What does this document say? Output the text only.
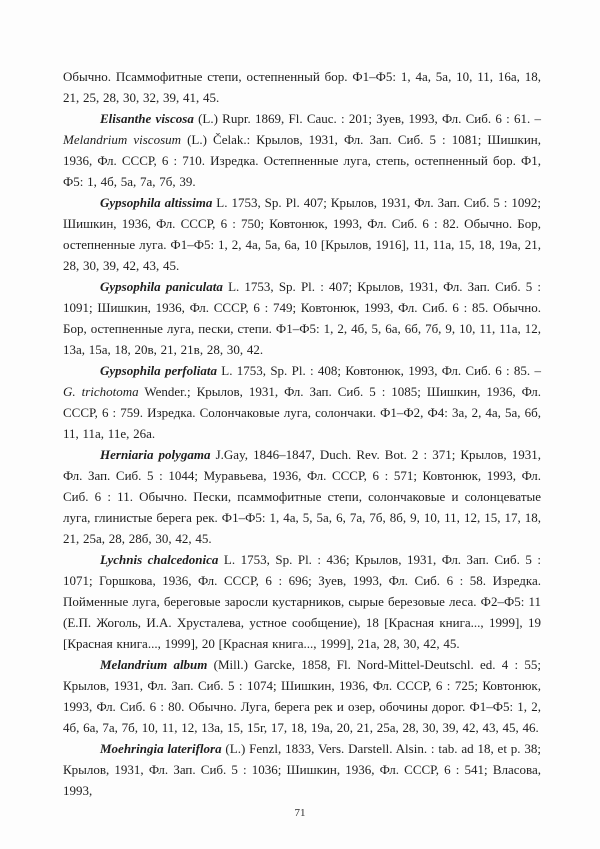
Обычно. Псаммофитные степи, остепненный бор. Ф1–Ф5: 1, 4а, 5а, 10, 11, 16а, 18, 21, 25, 28, 30, 32, 39, 41, 45.

Elisanthe viscosa (L.) Rupr. 1869, Fl. Cauc. : 201; Зуев, 1993, Фл. Сиб. 6 : 61. – Melandrium viscosum (L.) Čelak.: Крылов, 1931, Фл. Зап. Сиб. 5 : 1081; Шишкин, 1936, Фл. СССР, 6 : 710. Изредка. Остепненные луга, степь, остепненный бор. Ф1, Ф5: 1, 4б, 5а, 7а, 7б, 39.

Gypsophila altissima L. 1753, Sp. Pl. 407; Крылов, 1931, Фл. Зап. Сиб. 5 : 1092; Шишкин, 1936, Фл. СССР, 6 : 750; Ковтонюк, 1993, Фл. Сиб. 6 : 82. Обычно. Бор, остепненные луга. Ф1–Ф5: 1, 2, 4а, 5а, 6а, 10 [Крылов, 1916], 11, 11а, 15, 18, 19а, 21, 28, 30, 39, 42, 43, 45.

Gypsophila paniculata L. 1753, Sp. Pl. : 407; Крылов, 1931, Фл. Зап. Сиб. 5 : 1091; Шишкин, 1936, Фл. СССР, 6 : 749; Ковтонюк, 1993, Фл. Сиб. 6 : 85. Обычно. Бор, остепненные луга, пески, степи. Ф1–Ф5: 1, 2, 4б, 5, 6а, 6б, 7б, 9, 10, 11, 11а, 12, 13а, 15а, 18, 20в, 21, 21в, 28, 30, 42.

Gypsophila perfoliata L. 1753, Sp. Pl. : 408; Ковтонюк, 1993, Фл. Сиб. 6 : 85. – G. trichotoma Wender.; Крылов, 1931, Фл. Зап. Сиб. 5 : 1085; Шишкин, 1936, Фл. СССР, 6 : 759. Изредка. Солончаковые луга, солончаки. Ф1–Ф2, Ф4: 3а, 2, 4а, 5а, 6б, 11, 11а, 11е, 26а.

Herniaria polygama J.Gay, 1846–1847, Duch. Rev. Bot. 2 : 371; Крылов, 1931, Фл. Зап. Сиб. 5 : 1044; Муравьева, 1936, Фл. СССР, 6 : 571; Ковтонюк, 1993, Фл. Сиб. 6 : 11. Обычно. Пески, псаммофитные степи, солончаковые и солонцеватые луга, глинистые берега рек. Ф1–Ф5: 1, 4а, 5, 5а, 6, 7а, 7б, 8б, 9, 10, 11, 12, 15, 17, 18, 21, 25а, 28, 28б, 30, 42, 45.

Lychnis chalcedonica L. 1753, Sp. Pl. : 436; Крылов, 1931, Фл. Зап. Сиб. 5 : 1071; Горшкова, 1936, Фл. СССР, 6 : 696; Зуев, 1993, Фл. Сиб. 6 : 58. Изредка. Пойменные луга, береговые заросли кустарников, сырые березовые леса. Ф2–Ф5: 11 (Е.П. Жоголь, И.А. Хрусталева, устное сообщение), 18 [Красная книга..., 1999], 19 [Красная книга..., 1999], 20 [Красная книга..., 1999], 21а, 28, 30, 42, 45.

Melandrium album (Mill.) Garcke, 1858, Fl. Nord-Mittel-Deutschl. ed. 4 : 55; Крылов, 1931, Фл. Зап. Сиб. 5 : 1074; Шишкин, 1936, Фл. СССР, 6 : 725; Ковтонюк, 1993, Фл. Сиб. 6 : 80. Обычно. Луга, берега рек и озер, обочины дорог. Ф1–Ф5: 1, 2, 4б, 6а, 7а, 7б, 10, 11, 12, 13а, 15, 15г, 17, 18, 19а, 20, 21, 25а, 28, 30, 39, 42, 43, 45, 46.

Moehringia lateriflora (L.) Fenzl, 1833, Vers. Darstell. Alsin. : tab. ad 18, et p. 38; Крылов, 1931, Фл. Зап. Сиб. 5 : 1036; Шишкин, 1936, Фл. СССР, 6 : 541; Власова, 1993,

71
